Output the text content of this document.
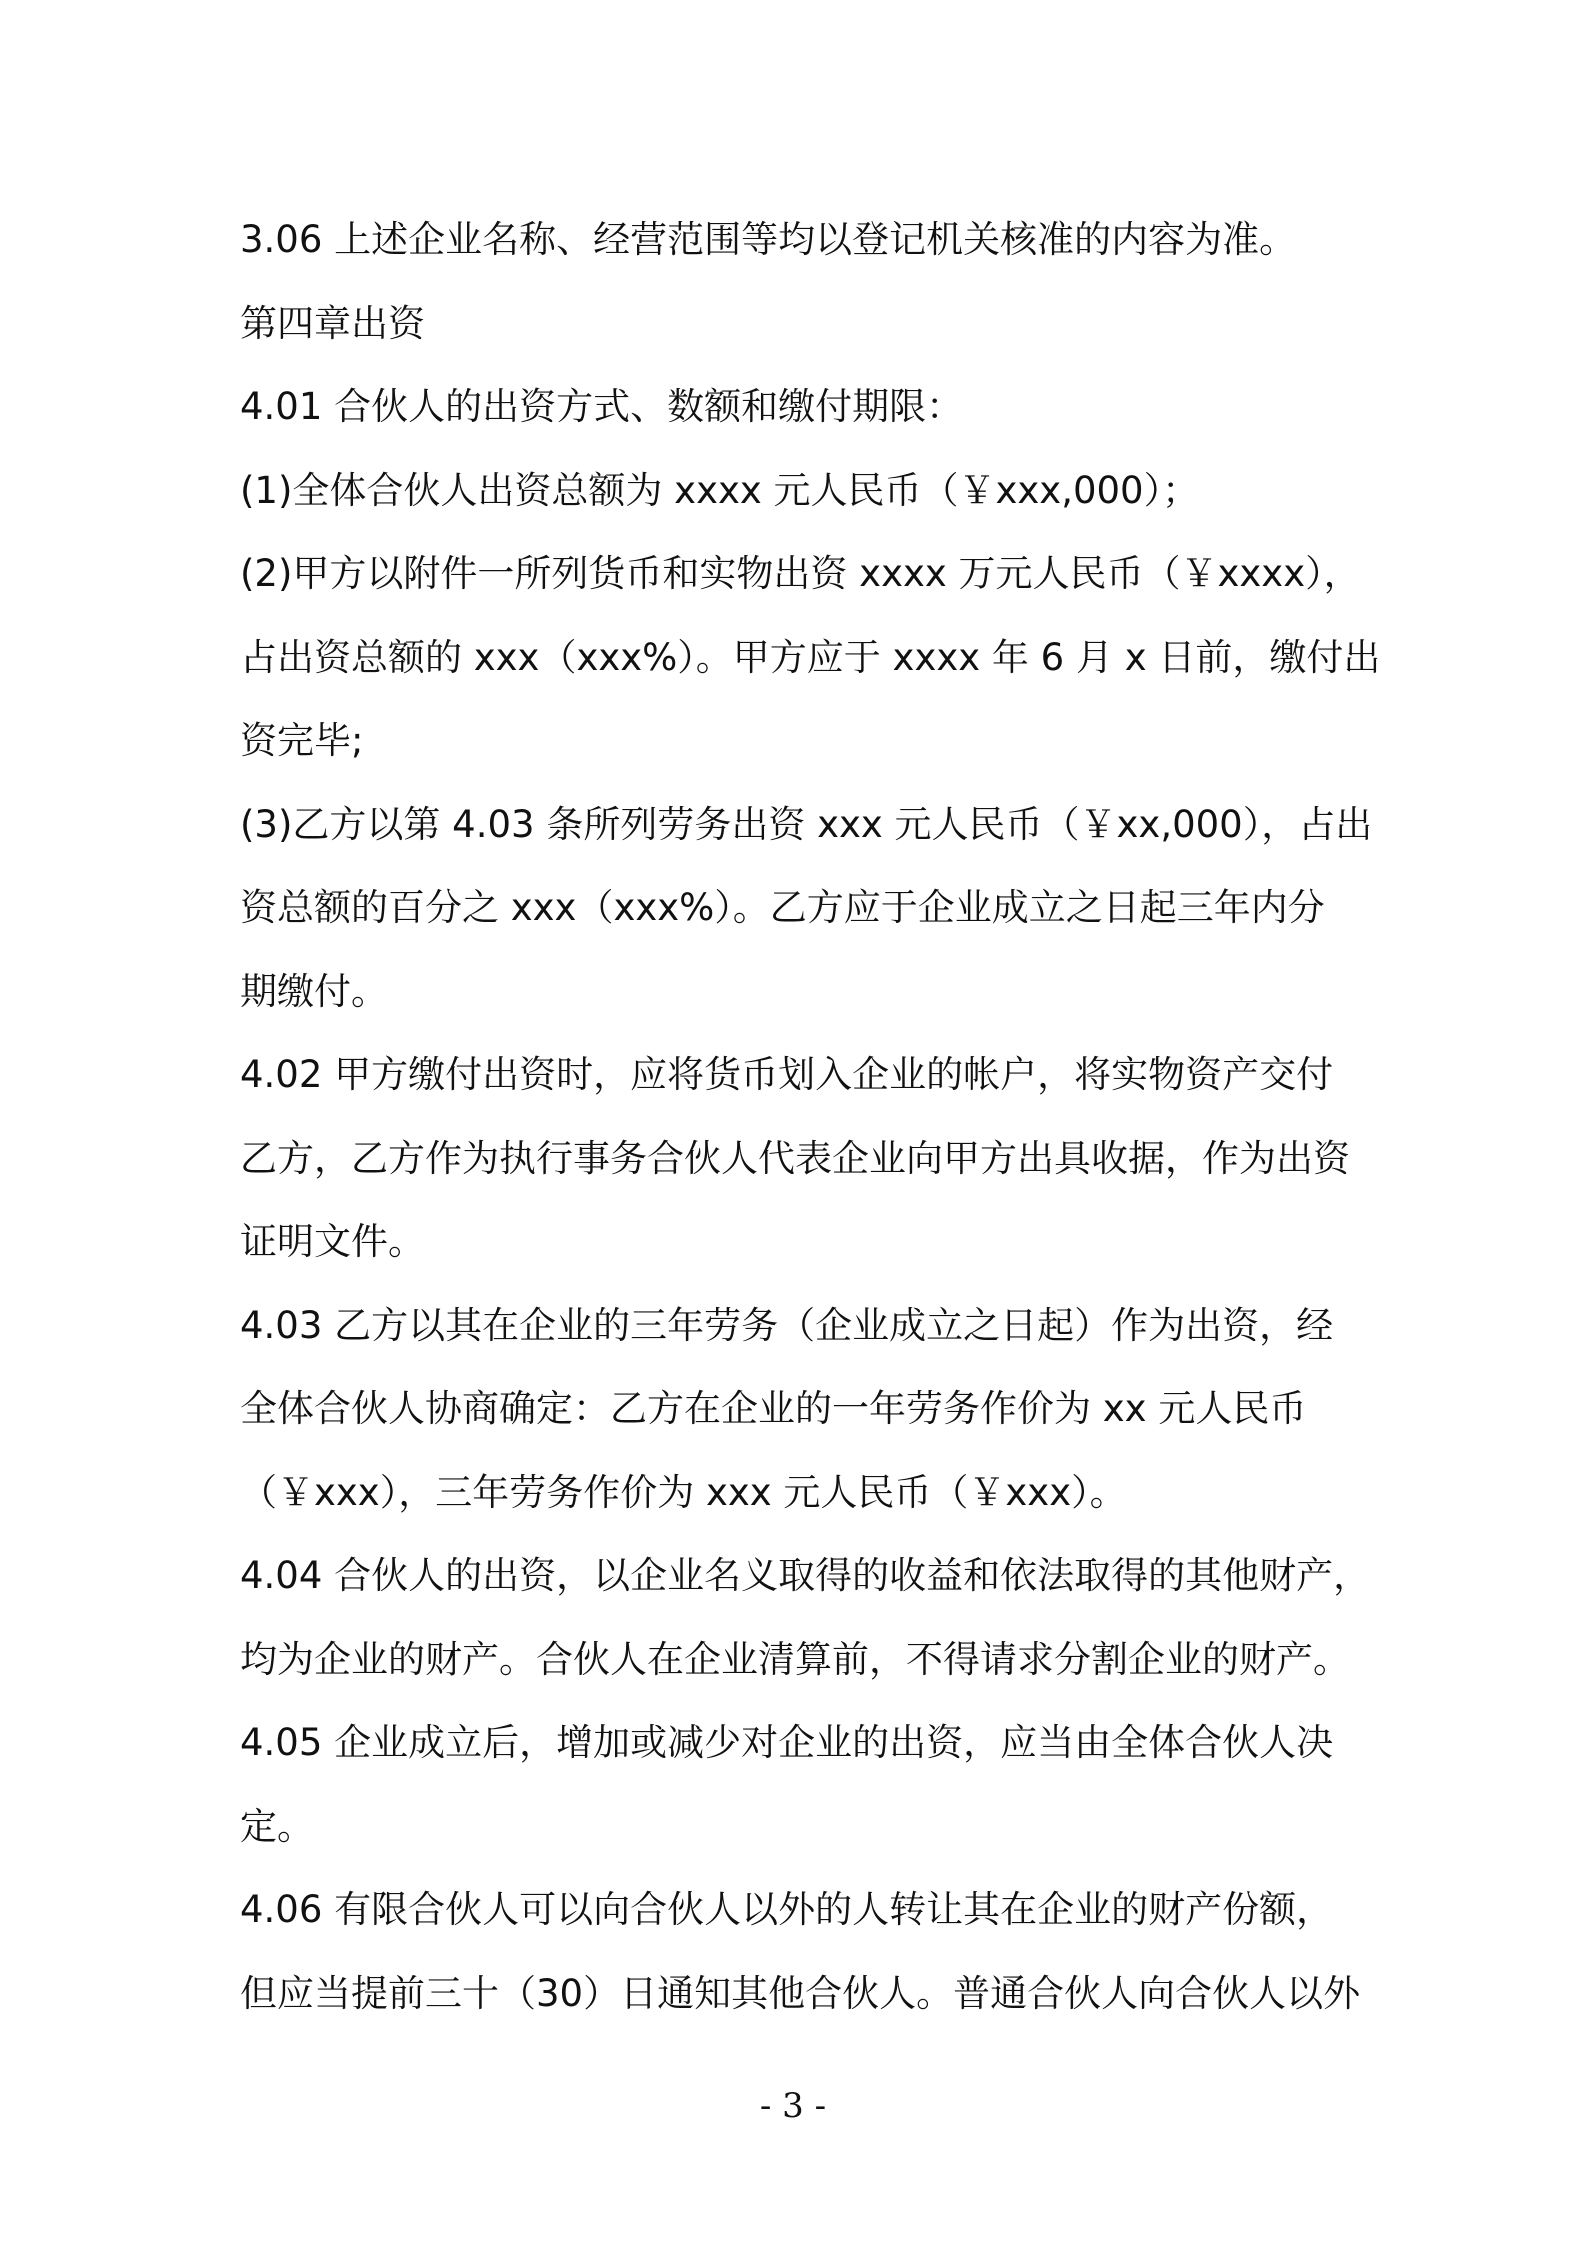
3.06 上述企业名称、经营范围等均以登记机关核准的内容为准。
第四章出资
4.01 合伙人的出资方式、数额和缴付期限：
(1)全体合伙人出资总额为 xxxx 元人民币（￥xxx,000）；
(2)甲方以附件一所列货币和实物出资 xxxx 万元人民币（￥xxxx），
占出资总额的 xxx（xxx%）。甲方应于 xxxx 年 6 月 x 日前，缴付出
资完毕;
(3)乙方以第 4.03 条所列劳务出资 xxx 元人民币（￥xx,000），占出
资总额的百分之 xxx（xxx%）。乙方应于企业成立之日起三年内分
期缴付。
4.02 甲方缴付出资时，应将货币划入企业的帐户，将实物资产交付
乙方，乙方作为执行事务合伙人代表企业向甲方出具收据，作为出资
证明文件。
4.03 乙方以其在企业的三年劳务（企业成立之日起）作为出资，经
全体合伙人协商确定：乙方在企业的一年劳务作价为 xx 元人民币
（￥xxx），三年劳务作价为 xxx 元人民币（￥xxx）。
4.04 合伙人的出资，以企业名义取得的收益和依法取得的其他财产，
均为企业的财产。合伙人在企业清算前，不得请求分割企业的财产。
4.05 企业成立后，增加或减少对企业的出资，应当由全体合伙人决
定。
4.06 有限合伙人可以向合伙人以外的人转让其在企业的财产份额，
但应当提前三十（30）日通知其他合伙人。普通合伙人向合伙人以外
- 3 -
